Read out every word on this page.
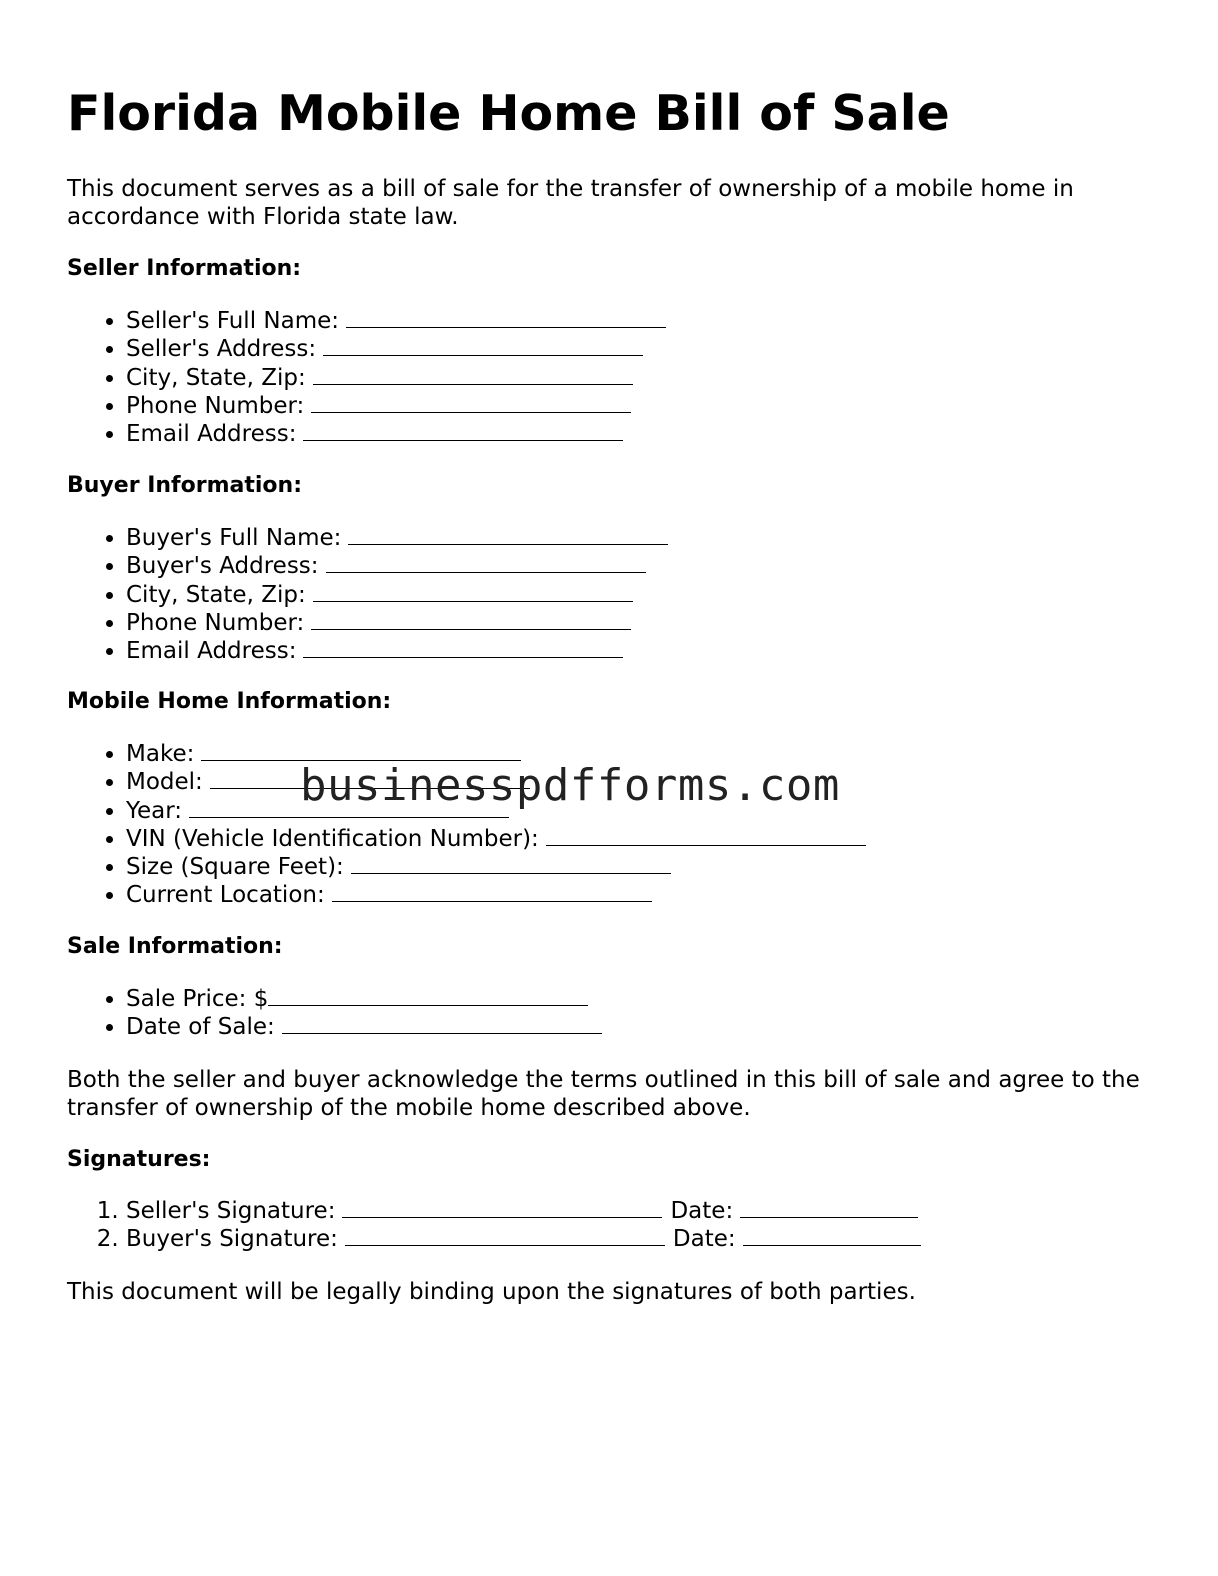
Florida Mobile Home Bill of Sale

This document serves as a bill of sale for the transfer of ownership of a mobile home in accordance with Florida state law.

Seller Information:
• Seller's Full Name:
• Seller's Address:
• City, State, Zip:
• Phone Number:
• Email Address:
Buyer Information:
• Buyer's Full Name:
• Buyer's Address:
• City, State, Zip:
• Phone Number:
• Email Address:
Mobile Home Information:
• Make:
• Model:
• Year:
• VIN (Vehicle Identification Number):
• Size (Square Feet):
• Current Location:
Sale Information:
• Sale Price: $
• Date of Sale:

Both the seller and buyer acknowledge the terms outlined in this bill of sale and agree to the transfer of ownership of the mobile home described above.

Signatures:
1. Seller's Signature:	Date:
2. Buyer's Signature:	Date:

This document will be legally binding upon the signatures of both parties.

businesspdfforms.com
